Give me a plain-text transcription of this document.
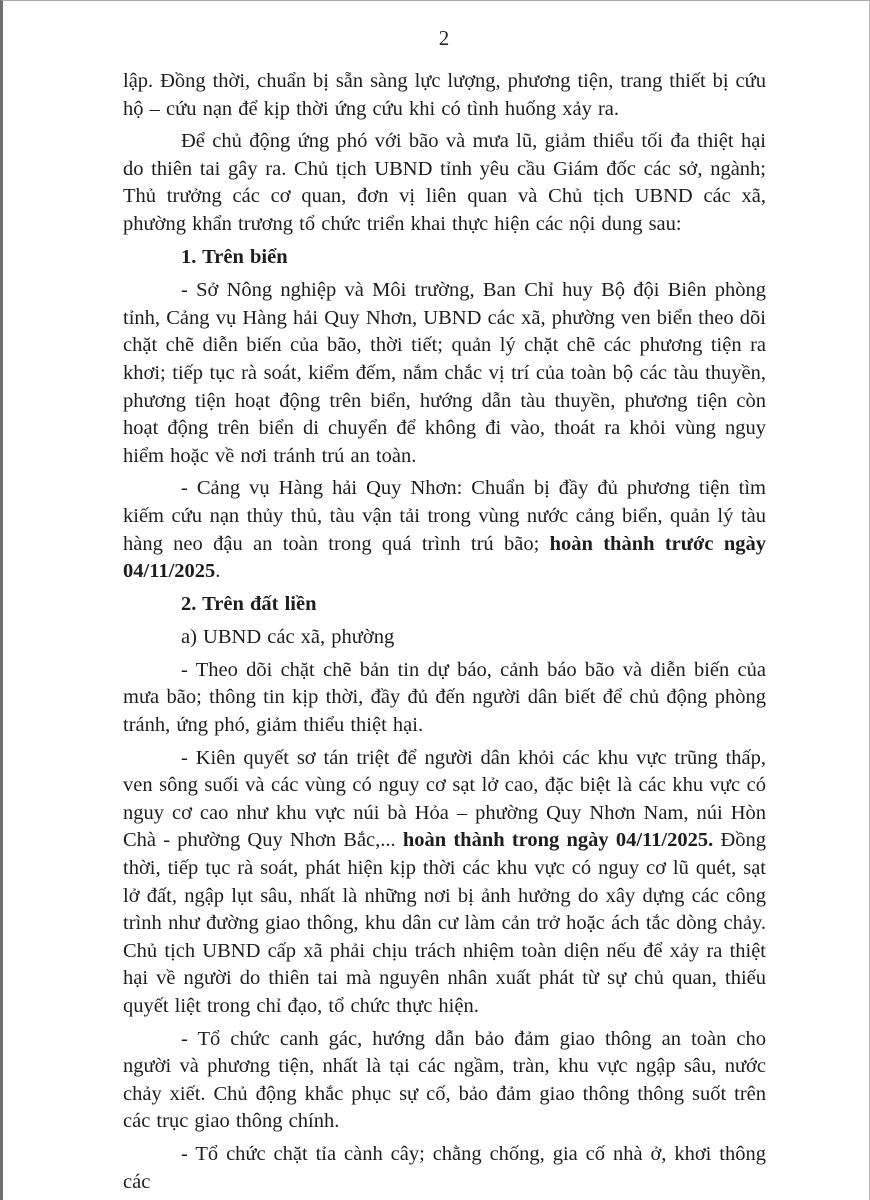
2

lập. Đồng thời, chuẩn bị sẵn sàng lực lượng, phương tiện, trang thiết bị cứu hộ – cứu nạn để kịp thời ứng cứu khi có tình huống xảy ra.

Để chủ động ứng phó với bão và mưa lũ, giảm thiểu tối đa thiệt hại do thiên tai gây ra. Chủ tịch UBND tỉnh yêu cầu Giám đốc các sở, ngành; Thủ trưởng các cơ quan, đơn vị liên quan và Chủ tịch UBND các xã, phường khẩn trương tổ chức triển khai thực hiện các nội dung sau:

1. Trên biển

- Sở Nông nghiệp và Môi trường, Ban Chỉ huy Bộ đội Biên phòng tỉnh, Cảng vụ Hàng hải Quy Nhơn, UBND các xã, phường ven biển theo dõi chặt chẽ diễn biến của bão, thời tiết; quản lý chặt chẽ các phương tiện ra khơi; tiếp tục rà soát, kiểm đếm, nắm chắc vị trí của toàn bộ các tàu thuyền, phương tiện hoạt động trên biển, hướng dẫn tàu thuyền, phương tiện còn hoạt động trên biển di chuyển để không đi vào, thoát ra khỏi vùng nguy hiểm hoặc về nơi tránh trú an toàn.

- Cảng vụ Hàng hải Quy Nhơn: Chuẩn bị đầy đủ phương tiện tìm kiếm cứu nạn thủy thủ, tàu vận tải trong vùng nước cảng biển, quản lý tàu hàng neo đậu an toàn trong quá trình trú bão; hoàn thành trước ngày 04/11/2025.

2. Trên đất liền

a) UBND các xã, phường

- Theo dõi chặt chẽ bản tin dự báo, cảnh báo bão và diễn biến của mưa bão; thông tin kịp thời, đầy đủ đến người dân biết để chủ động phòng tránh, ứng phó, giảm thiểu thiệt hại.

- Kiên quyết sơ tán triệt để người dân khỏi các khu vực trũng thấp, ven sông suối và các vùng có nguy cơ sạt lở cao, đặc biệt là các khu vực có nguy cơ cao như khu vực núi bà Hỏa – phường Quy Nhơn Nam, núi Hòn Chà - phường Quy Nhơn Bắc,... hoàn thành trong ngày 04/11/2025. Đồng thời, tiếp tục rà soát, phát hiện kịp thời các khu vực có nguy cơ lũ quét, sạt lở đất, ngập lụt sâu, nhất là những nơi bị ảnh hưởng do xây dựng các công trình như đường giao thông, khu dân cư làm cản trở hoặc ách tắc dòng chảy. Chủ tịch UBND cấp xã phải chịu trách nhiệm toàn diện nếu để xảy ra thiệt hại về người do thiên tai mà nguyên nhân xuất phát từ sự chủ quan, thiếu quyết liệt trong chỉ đạo, tổ chức thực hiện.

- Tổ chức canh gác, hướng dẫn bảo đảm giao thông an toàn cho người và phương tiện, nhất là tại các ngầm, tràn, khu vực ngập sâu, nước chảy xiết. Chủ động khắc phục sự cố, bảo đảm giao thông thông suốt trên các trục giao thông chính.

- Tổ chức chặt tỉa cành cây; chằng chống, gia cố nhà ở, khơi thông các
